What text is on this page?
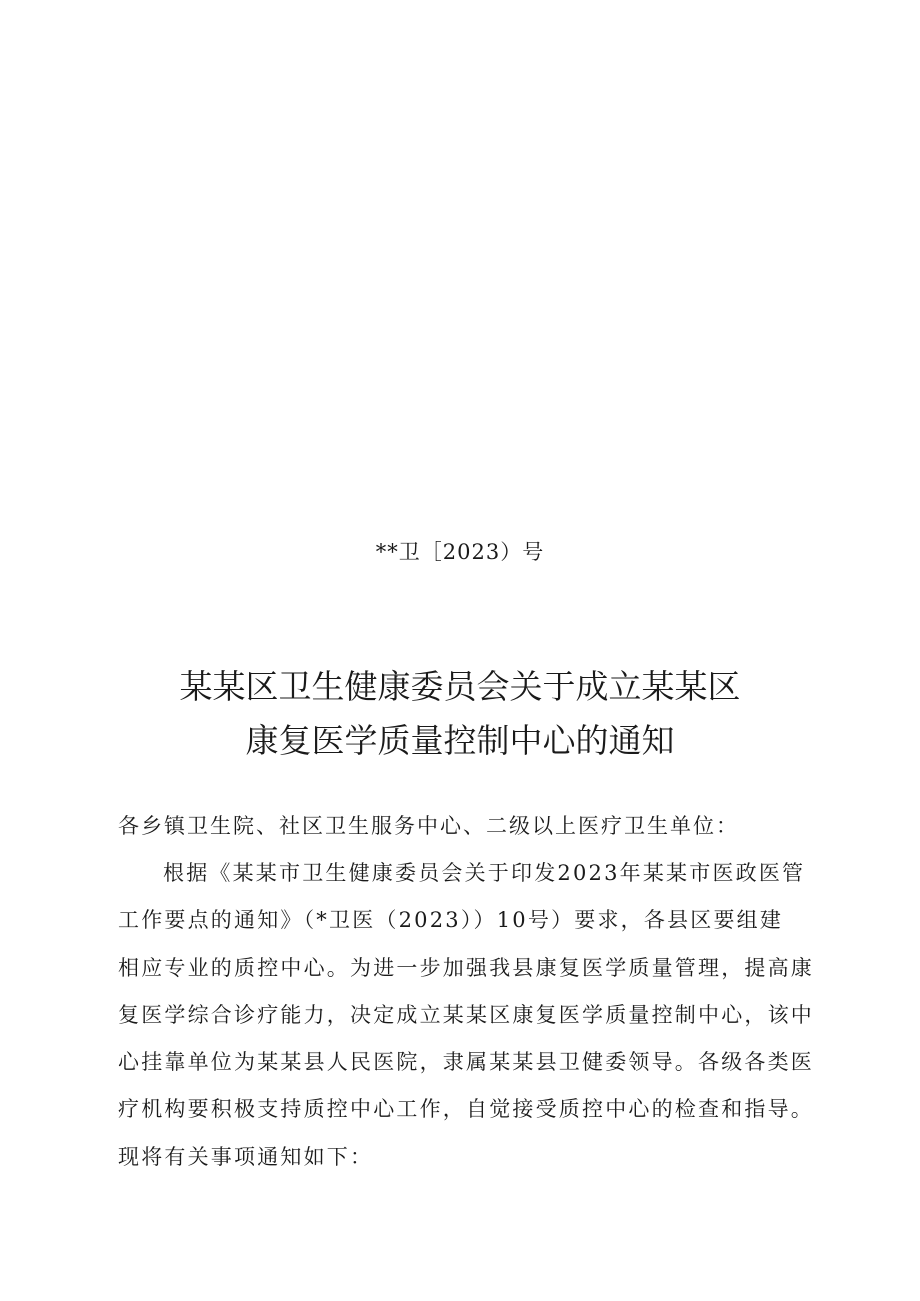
**卫［2023）号
某某区卫生健康委员会关于成立某某区
康复医学质量控制中心的通知
各乡镇卫生院、社区卫生服务中心、二级以上医疗卫生单位：
根据《某某市卫生健康委员会关于印发2023年某某市医政医管
工作要点的通知》（*卫医（2023））10号）要求，各县区要组建
相应专业的质控中心。为进一步加强我县康复医学质量管理，提高康
复医学综合诊疗能力，决定成立某某区康复医学质量控制中心，该中
心挂靠单位为某某县人民医院，隶属某某县卫健委领导。各级各类医
疗机构要积极支持质控中心工作，自觉接受质控中心的检查和指导。
现将有关事项通知如下：
